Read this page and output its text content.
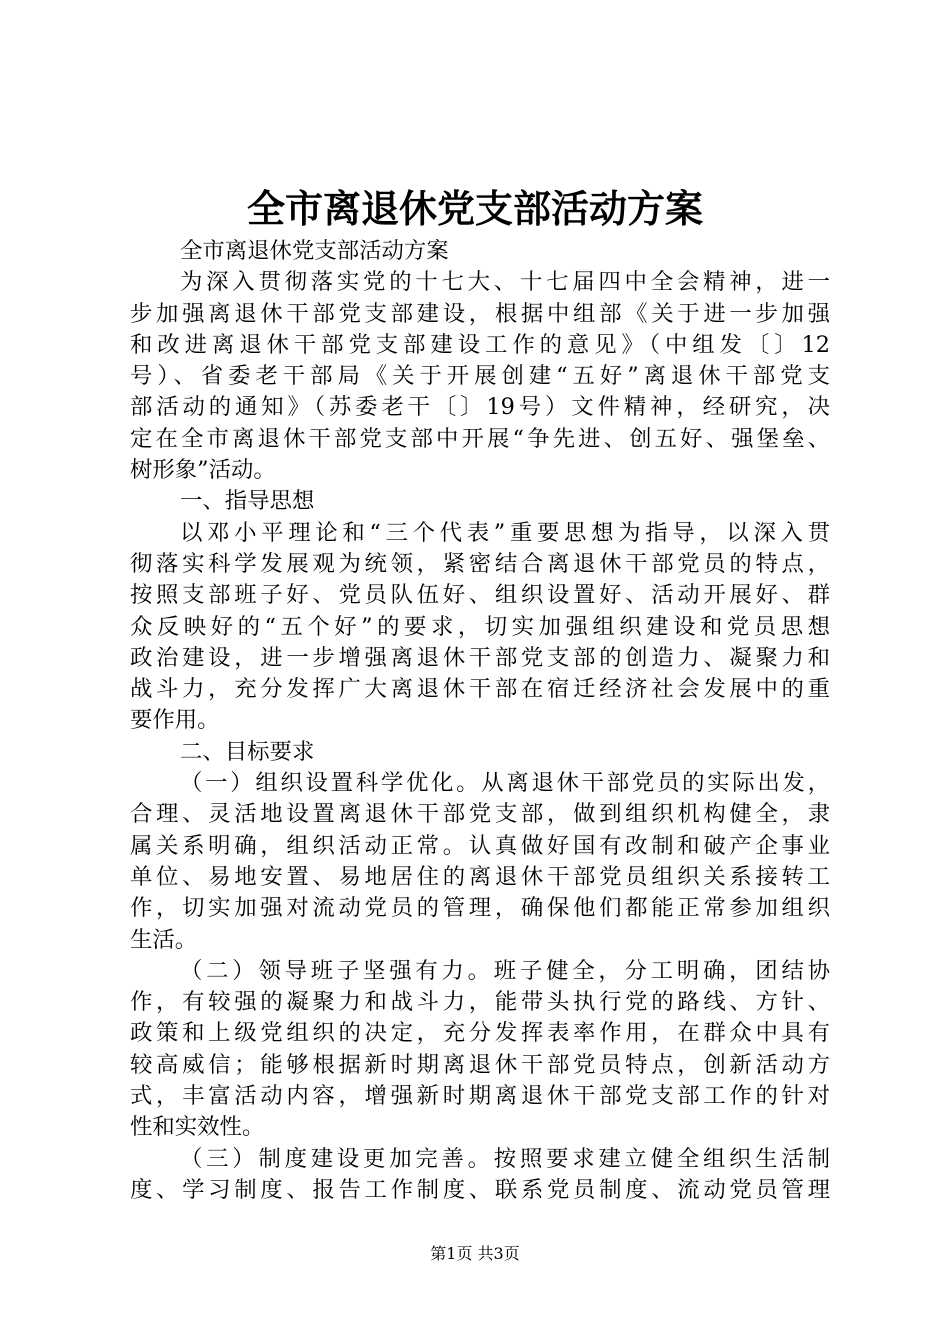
全市离退休党支部活动方案
全市离退休党支部活动方案
为深入贯彻落实党的十七大、十七届四中全会精神，进一
步加强离退休干部党支部建设，根据中组部《关于进一步加强
和改进离退休干部党支部建设工作的意见》（中组发〔〕12
号）、省委老干部局《关于开展创建“五好”离退休干部党支
部活动的通知》（苏委老干〔〕19号）文件精神，经研究，决
定在全市离退休干部党支部中开展“争先进、创五好、强堡垒、
树形象”活动。
一、指导思想
以邓小平理论和“三个代表”重要思想为指导，以深入贯
彻落实科学发展观为统领，紧密结合离退休干部党员的特点，
按照支部班子好、党员队伍好、组织设置好、活动开展好、群
众反映好的“五个好”的要求，切实加强组织建设和党员思想
政治建设，进一步增强离退休干部党支部的创造力、凝聚力和
战斗力，充分发挥广大离退休干部在宿迁经济社会发展中的重
要作用。
二、目标要求
（一）组织设置科学优化。从离退休干部党员的实际出发，
合理、灵活地设置离退休干部党支部，做到组织机构健全，隶
属关系明确，组织活动正常。认真做好国有改制和破产企事业
单位、易地安置、易地居住的离退休干部党员组织关系接转工
作，切实加强对流动党员的管理，确保他们都能正常参加组织
生活。
（二）领导班子坚强有力。班子健全，分工明确，团结协
作，有较强的凝聚力和战斗力，能带头执行党的路线、方针、
政策和上级党组织的决定，充分发挥表率作用，在群众中具有
较高威信；能够根据新时期离退休干部党员特点，创新活动方
式，丰富活动内容，增强新时期离退休干部党支部工作的针对
性和实效性。
（三）制度建设更加完善。按照要求建立健全组织生活制
度、学习制度、报告工作制度、联系党员制度、流动党员管理
第1页 共3页
